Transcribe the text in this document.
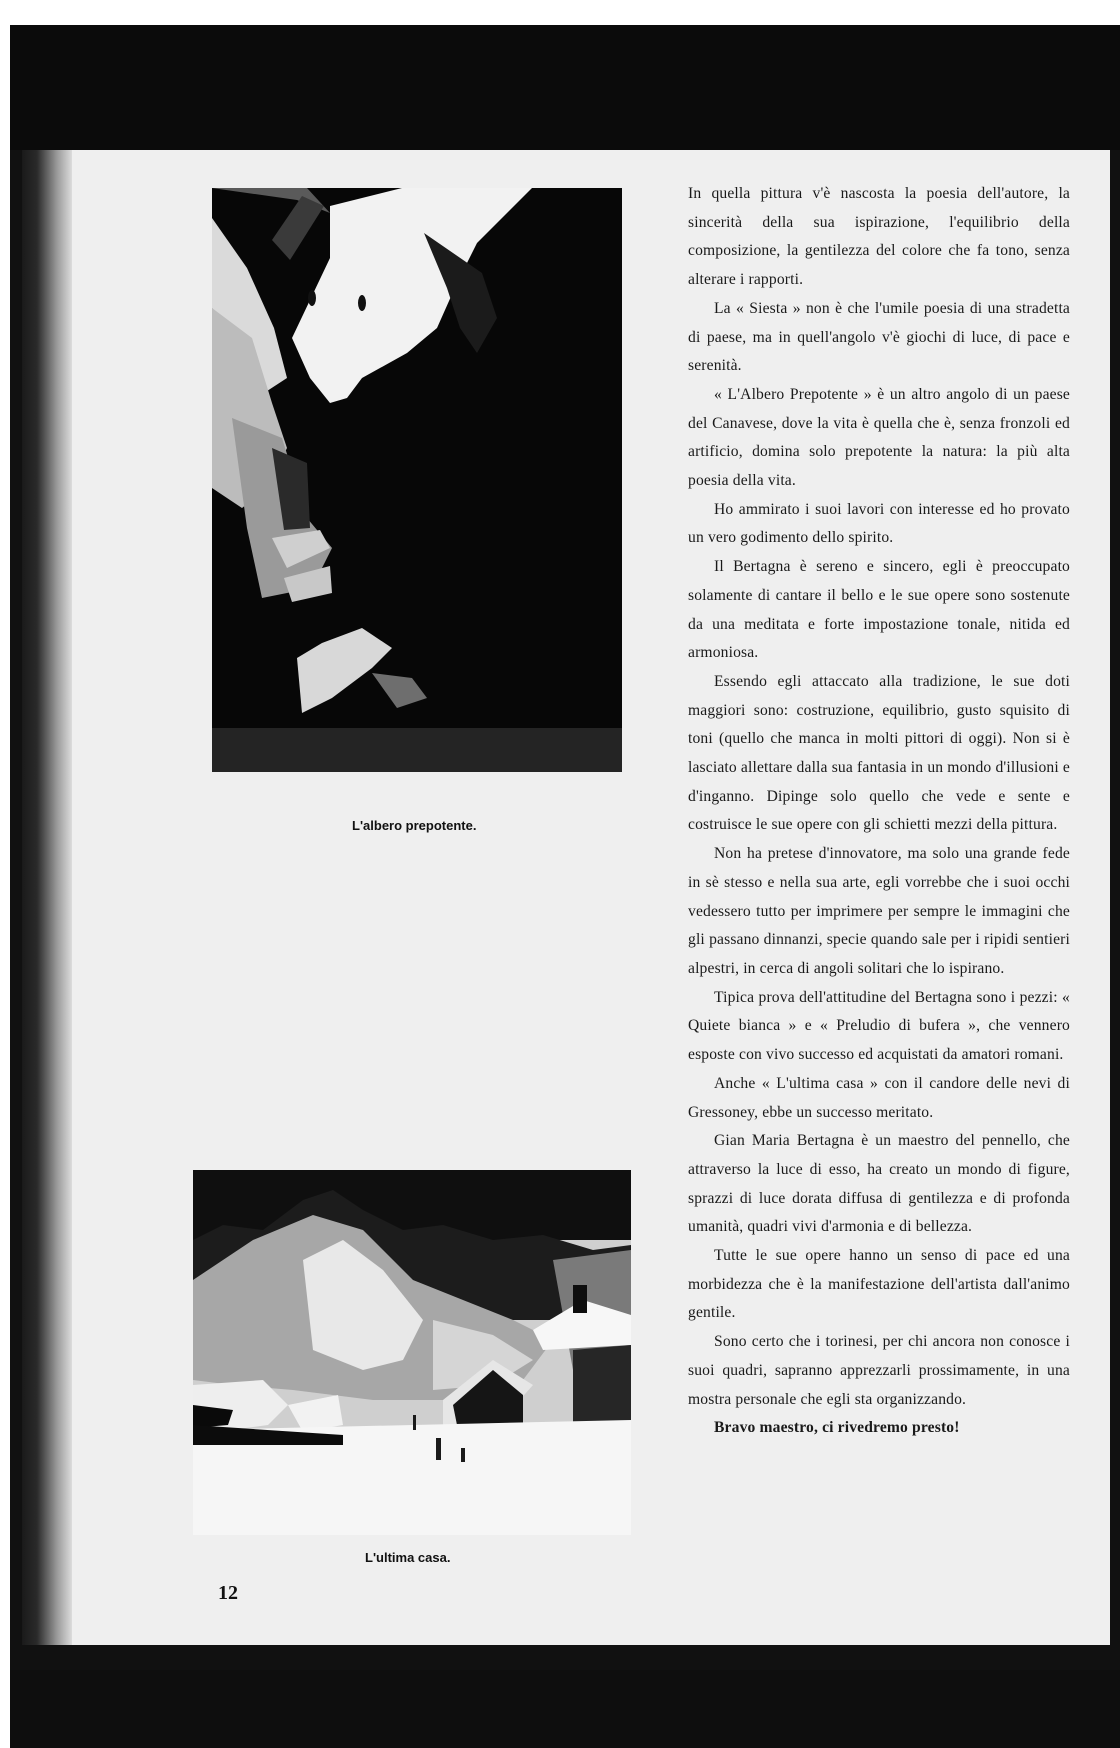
L'albero prepotente.
L'ultima casa.
12

In quella pittura v'è nascosta la poesia dell'autore, la sincerità della sua ispirazione, l'equilibrio della composizione, la gentilezza del colore che fa tono, senza alterare i rapporti.

La « Siesta » non è che l'umile poesia di una stradetta di paese, ma in quell'angolo v'è giochi di luce, di pace e serenità.

« L'Albero Prepotente » è un altro angolo di un paese del Canavese, dove la vita è quella che è, senza fronzoli ed artificio, domina solo prepotente la natura: la più alta poesia della vita.

Ho ammirato i suoi lavori con interesse ed ho provato un vero godimento dello spirito.

Il Bertagna è sereno e sincero, egli è preoccupato solamente di cantare il bello e le sue opere sono sostenute da una meditata e forte impostazione tonale, nitida ed armoniosa.

Essendo egli attaccato alla tradizione, le sue doti maggiori sono: costruzione, equilibrio, gusto squisito di toni (quello che manca in molti pittori di oggi). Non si è lasciato allettare dalla sua fantasia in un mondo d'illusioni e d'inganno. Dipinge solo quello che vede e sente e costruisce le sue opere con gli schietti mezzi della pittura.

Non ha pretese d'innovatore, ma solo una grande fede in sè stesso e nella sua arte, egli vorrebbe che i suoi occhi vedessero tutto per imprimere per sempre le immagini che gli passano dinnanzi, specie quando sale per i ripidi sentieri alpestri, in cerca di angoli solitari che lo ispirano.

Tipica prova dell'attitudine del Bertagna sono i pezzi: « Quiete bianca » e « Preludio di bufera », che vennero esposte con vivo successo ed acquistati da amatori romani.

Anche « L'ultima casa » con il candore delle nevi di Gressoney, ebbe un successo meritato.

Gian Maria Bertagna è un maestro del pennello, che attraverso la luce di esso, ha creato un mondo di figure, sprazzi di luce dorata diffusa di gentilezza e di profonda umanità, quadri vivi d'armonia e di bellezza.

Tutte le sue opere hanno un senso di pace ed una morbidezza che è la manifestazione dell'artista dall'animo gentile.

Sono certo che i torinesi, per chi ancora non conosce i suoi quadri, sapranno apprezzarli prossimamente, in una mostra personale che egli sta organizzando.

Bravo maestro, ci rivedremo presto!
